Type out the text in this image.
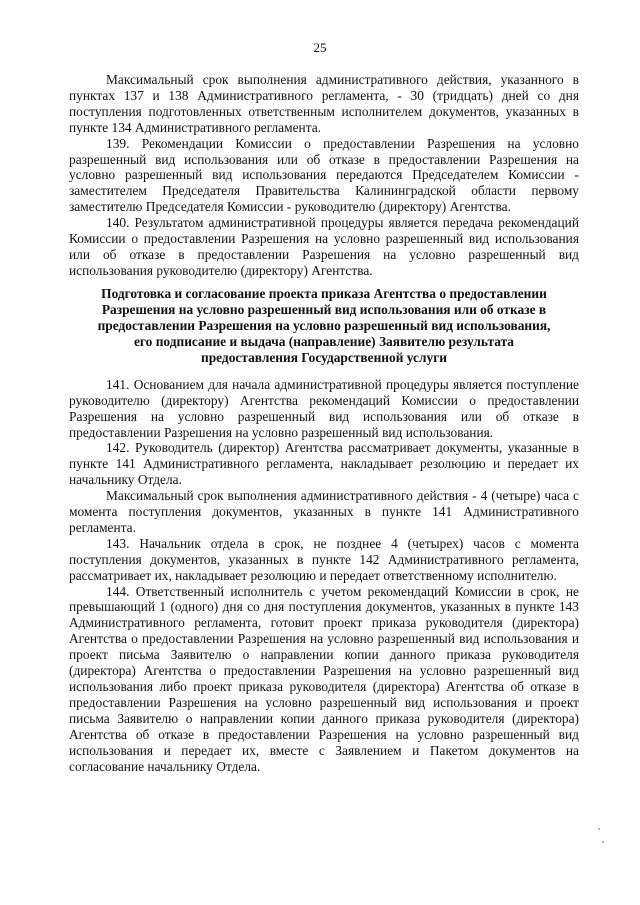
25

Максимальный срок выполнения административного действия, указанного в пунктах 137 и 138 Административного регламента, - 30 (тридцать) дней со дня поступления подготовленных ответственным исполнителем документов, указанных в пункте 134 Административного регламента.

139. Рекомендации Комиссии о предоставлении Разрешения на условно разрешенный вид использования или об отказе в предоставлении Разрешения на условно разрешенный вид использования передаются Председателем Комиссии - заместителем Председателя Правительства Калининградской области первому заместителю Председателя Комиссии - руководителю (директору) Агентства.

140. Результатом административной процедуры является передача рекомендаций Комиссии о предоставлении Разрешения на условно разрешенный вид использования или об отказе в предоставлении Разрешения на условно разрешенный вид использования руководителю (директору) Агентства.

Подготовка и согласование проекта приказа Агентства о предоставлении
Разрешения на условно разрешенный вид использования или об отказе в
предоставлении Разрешения на условно разрешенный вид использования,
его подписание и выдача (направление) Заявителю результата
предоставления Государственной услуги

141. Основанием для начала административной процедуры является поступление руководителю (директору) Агентства рекомендаций Комиссии о предоставлении Разрешения на условно разрешенный вид использования или об отказе в предоставлении Разрешения на условно разрешенный вид использования.

142. Руководитель (директор) Агентства рассматривает документы, указанные в пункте 141 Административного регламента, накладывает резолюцию и передает их начальнику Отдела.

Максимальный срок выполнения административного действия - 4 (четыре) часа с момента поступления документов, указанных в пункте 141 Административного регламента.

143. Начальник отдела в срок, не позднее 4 (четырех) часов с момента поступления документов, указанных в пункте 142 Административного регламента, рассматривает их, накладывает резолюцию и передает ответственному исполнителю.

144. Ответственный исполнитель с учетом рекомендаций Комиссии в срок, не превышающий 1 (одного) дня со дня поступления документов, указанных в пункте 143 Административного регламента, готовит проект приказа руководителя (директора) Агентства о предоставлении Разрешения на условно разрешенный вид использования и проект письма Заявителю о направлении копии данного приказа руководителя (директора) Агентства о предоставлении Разрешения на условно разрешенный вид использования либо проект приказа руководителя (директора) Агентства об отказе в предоставлении Разрешения на условно разрешенный вид использования и проект письма Заявителю о направлении копии данного приказа руководителя (директора) Агентства об отказе в предоставлении Разрешения на условно разрешенный вид использования и передает их, вместе с Заявлением и Пакетом документов на согласование начальнику Отдела.
